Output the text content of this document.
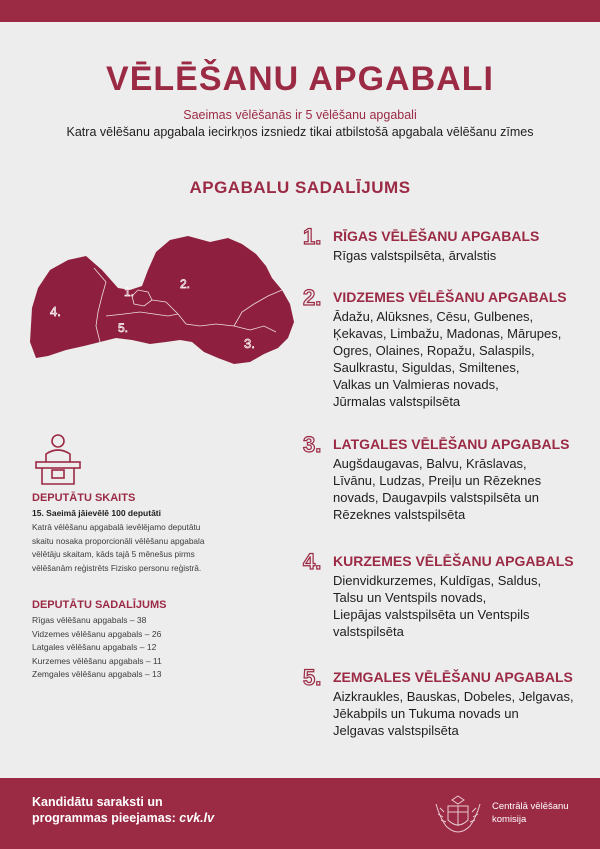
VĒLĒŠANU APGABALI
Saeimas vēlēšanās ir 5 vēlēšanu apgabali
Katra vēlēšanu apgabala iecirkņos izsniedz tikai atbilstošā apgabala vēlēšanu zīmes
APGABALU SADALĪJUMS
1.
2.
3.
4.
5.
1. RĪGAS VĒLĒŠANU APGABALS
Rīgas valstspilsēta, ārvalstis
2. VIDZEMES VĒLĒŠANU APGABALS
Ādažu, Alūksnes, Cēsu, Gulbenes,
Ķekavas, Limbažu, Madonas, Mārupes,
Ogres, Olaines, Ropažu, Salaspils,
Saulkrastu, Siguldas, Smiltenes,
Valkas un Valmieras novads,
Jūrmalas valstspilsēta
3. LATGALES VĒLĒŠANU APGABALS
Augšdaugavas, Balvu, Krāslavas,
Līvānu, Ludzas, Preiļu un Rēzeknes
novads, Daugavpils valstspilsēta un
Rēzeknes valstspilsēta
4. KURZEMES VĒLĒŠANU APGABALS
Dienvidkurzemes, Kuldīgas, Saldus,
Talsu un Ventspils novads,
Liepājas valstspilsēta un Ventspils
valstspilsēta
5. ZEMGALES VĒLĒŠANU APGABALS
Aizkraukles, Bauskas, Dobeles, Jelgavas,
Jēkabpils un Tukuma novads un
Jelgavas valstspilsēta
DEPUTĀTU SKAITS
15. Saeimā jāievēlē 100 deputāti
Katrā vēlēšanu apgabalā ievēlējamo deputātu
skaitu nosaka proporcionāli vēlēšanu apgabala
vēlētāju skaitam, kāds tajā 5 mēnešus pirms
vēlēšanām reģistrēts Fizisko personu reģistrā.
DEPUTĀTU SADALĪJUMS
Rīgas vēlēšanu apgabals – 38
Vidzemes vēlēšanu apgabals – 26
Latgales vēlēšanu apgabals – 12
Kurzemes vēlēšanu apgabals – 11
Zemgales vēlēšanu apgabals – 13
Kandidātu saraksti un
programmas pieejamas: cvk.lv
Centrālā vēlēšanu
komisija
